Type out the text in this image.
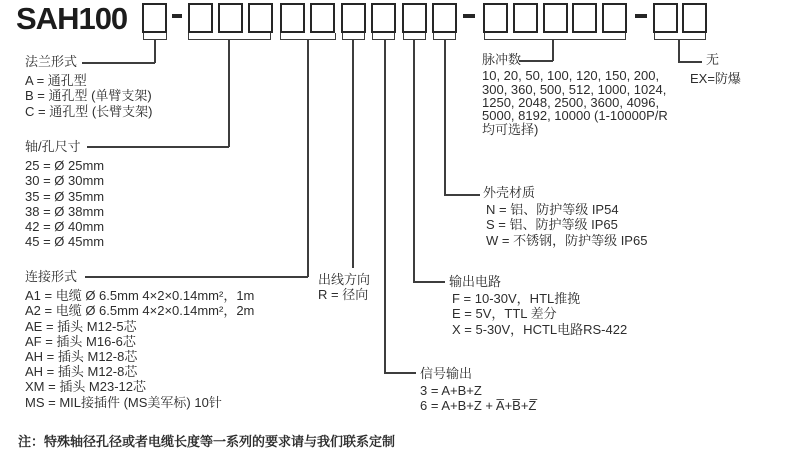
SAH100
法兰形式
A = 通孔型
B = 通孔型 (单臂支架)
C = 通孔型 (长臂支架)
轴/孔尺寸
25 = Ø 25mm
30 = Ø 30mm
35 = Ø 35mm
38 = Ø 38mm
42 = Ø 40mm
45 = Ø 45mm
连接形式
A1 = 电缆 Ø 6.5mm 4×2×0.14mm²，1m
A2 = 电缆 Ø 6.5mm 4×2×0.14mm²，2m
AE = 插头 M12-5芯
AF = 插头 M16-6芯
AH = 插头 M12-8芯
AH = 插头 M12-8芯
XM = 插头 M23-12芯
MS = MIL接插件 (MS美军标) 10针
出线方向
R = 径向
信号输出
3 = A+B+Z
6 = A+B+Z + A̅+B̅+Z̅
输出电路
F = 10-30V，HTL推挽
E = 5V，TTL 差分
X = 5-30V，HCTL电路RS-422
外壳材质
N = 铝、防护等级 IP54
S = 铝、防护等级 IP65
W = 不锈钢，防护等级 IP65
脉冲数
10, 20, 50, 100, 120, 150, 200,
300, 360, 500, 512, 1000, 1024,
1250, 2048, 2500, 3600, 4096,
5000, 8192, 10000 (1-10000P/R
均可选择)
无
EX=防爆
注：特殊轴径孔径或者电缆长度等一系列的要求请与我们联系定制
